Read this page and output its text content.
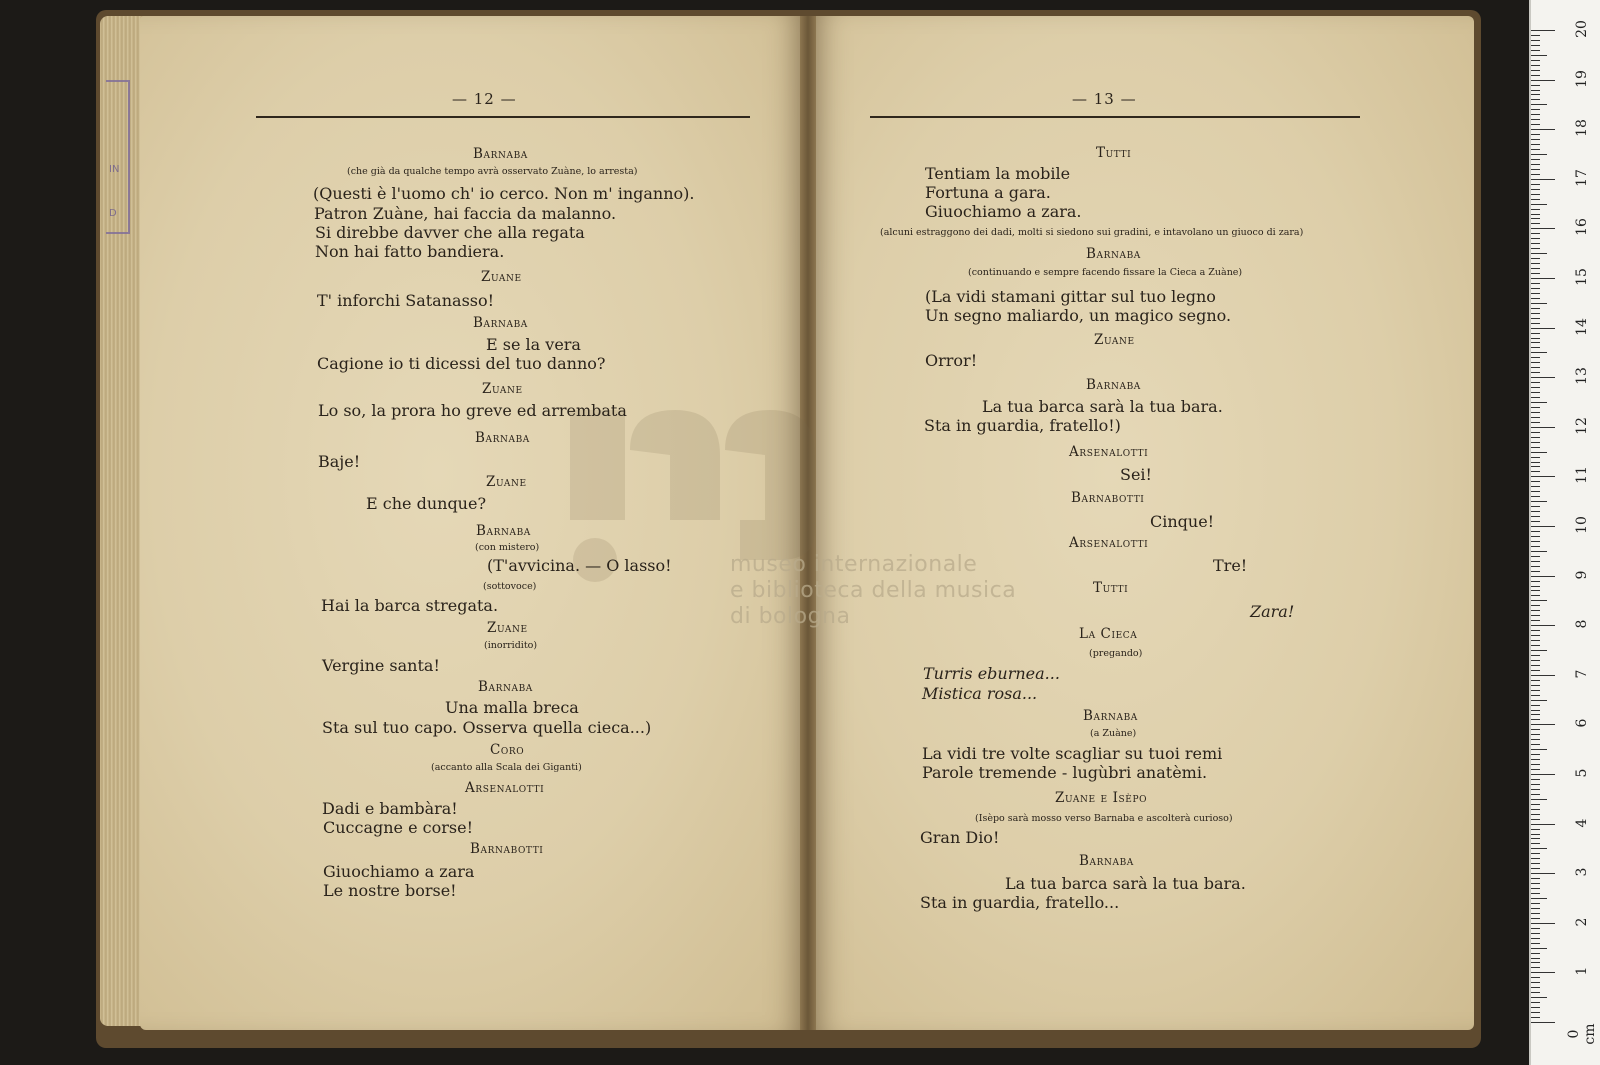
IN
D
museo internazionale
e biblioteca della musica
di bologna
— 12 —	— 13 —
Barnaba
(che già da qualche tempo avrà osservato Zuàne, lo arresta)
(Questi è l'uomo ch' io cerco. Non m' inganno).
Patron Zuàne, hai faccia da malanno.
Si direbbe davver che alla regata
Non hai fatto bandiera.
Zuane
T' inforchi Satanasso!
Barnaba
E se la vera
Cagione io ti dicessi del tuo danno?
Zuane
Lo so, la prora ho greve ed arrembata
Barnaba
Baje!
Zuane
E che dunque?
Barnaba
(con mistero)
(T'avvicina. — O lasso!
(sottovoce)
Hai la barca stregata.
Zuane
(inorridito)
Vergine santa!
Barnaba
Una malla breca
Sta sul tuo capo. Osserva quella cieca...)
Coro
(accanto alla Scala dei Giganti)
Arsenalotti
Dadi e bambàra!
Cuccagne e corse!
Barnabotti
Giuochiamo a zara
Le nostre borse!
Tutti
Tentiam la mobile
Fortuna a gara.
Giuochiamo a zara.
(alcuni estraggono dei dadi, molti si siedono sui gradini, e intavolano un giuoco di zara)
Barnaba
(continuando e sempre facendo fissare la Cieca a Zuàne)
(La vidi stamani gittar sul tuo legno
Un segno maliardo, un magico segno.
Zuane
Orror!
Barnaba
La tua barca sarà la tua bara.
Sta in guardia, fratello!)
Arsenalotti
Sei!
Barnabotti
Cinque!
Arsenalotti
Tre!
Tutti
Zara!
La Cieca
(pregando)
Turris eburnea...
Mistica rosa...
Barnaba
(a Zuàne)
La vidi tre volte scagliar su tuoi remi
Parole tremende - lugùbri anatèmi.
Zuane e Isèpo
(Isèpo sarà mosso verso Barnaba e ascolterà curioso)
Gran Dio!
Barnaba
La tua barca sarà la tua bara.
Sta in guardia, fratello...
0 cm
1
2
3
4
5
6
7
8
9
10
11
12
13
14
15
16
17
18
19
20
